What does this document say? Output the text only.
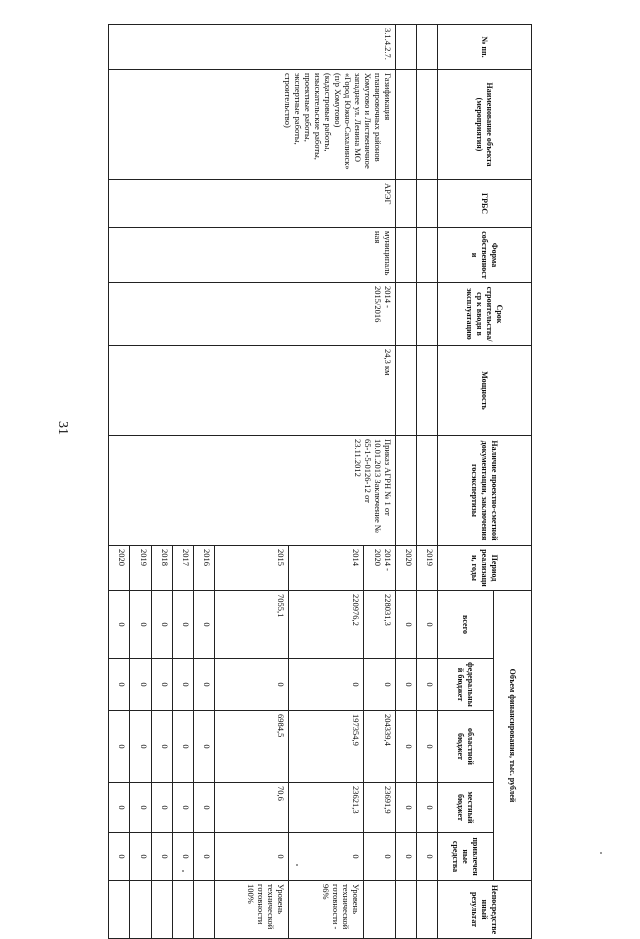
31
№ пп.	Наименование объекта (мероприятия)	ГРБС	Форма собственности	Срок строительства/ср к вводя в эксплуатацию	Мощность	Наличие проектно-сметной документации, заключения госэкспертизы	Период реализации, годы	Объем финансирования, тыс. рублей					Непосредственный результат
								всего	федеральный бюджет	областной бюджет	местный бюджет	привлеченные средства	
							2019	0	0	0	0	0	
							2020	0	0	0	0	0	
3.1.4.2.7.	Газификация планировочных районов Хомутово и Лиственичное западнее ул. Ленина МО «Город Южно-Сахалинск» (п/р Хомутово) (кадастровые работы, изыскательские работы, проектные работы, экспертные работы, строительство)	АРЭГ	муниципальная	2014 - 2015/2016	24,3 км	Приказ АГРН № 1 от 10.01.2013 Заключение № 65-1-5-0126-12 от 23.11.2012	2014 - 2020	228031,3	0	204339,4	23691,9	0	
							2014	220976,2	0	197354,9	23621,3	0	Уровень технической готовности - 96%
							2015	7055,1	0	6984,5	70,6	0	Уровень технической готовности 100%
							2016	0	0	0	0	0	
							2017	0	0	0	0	0	
							2018	0	0	0	0	0	
							2019	0	0	0	0	0	
							2020	0	0	0	0	0	
